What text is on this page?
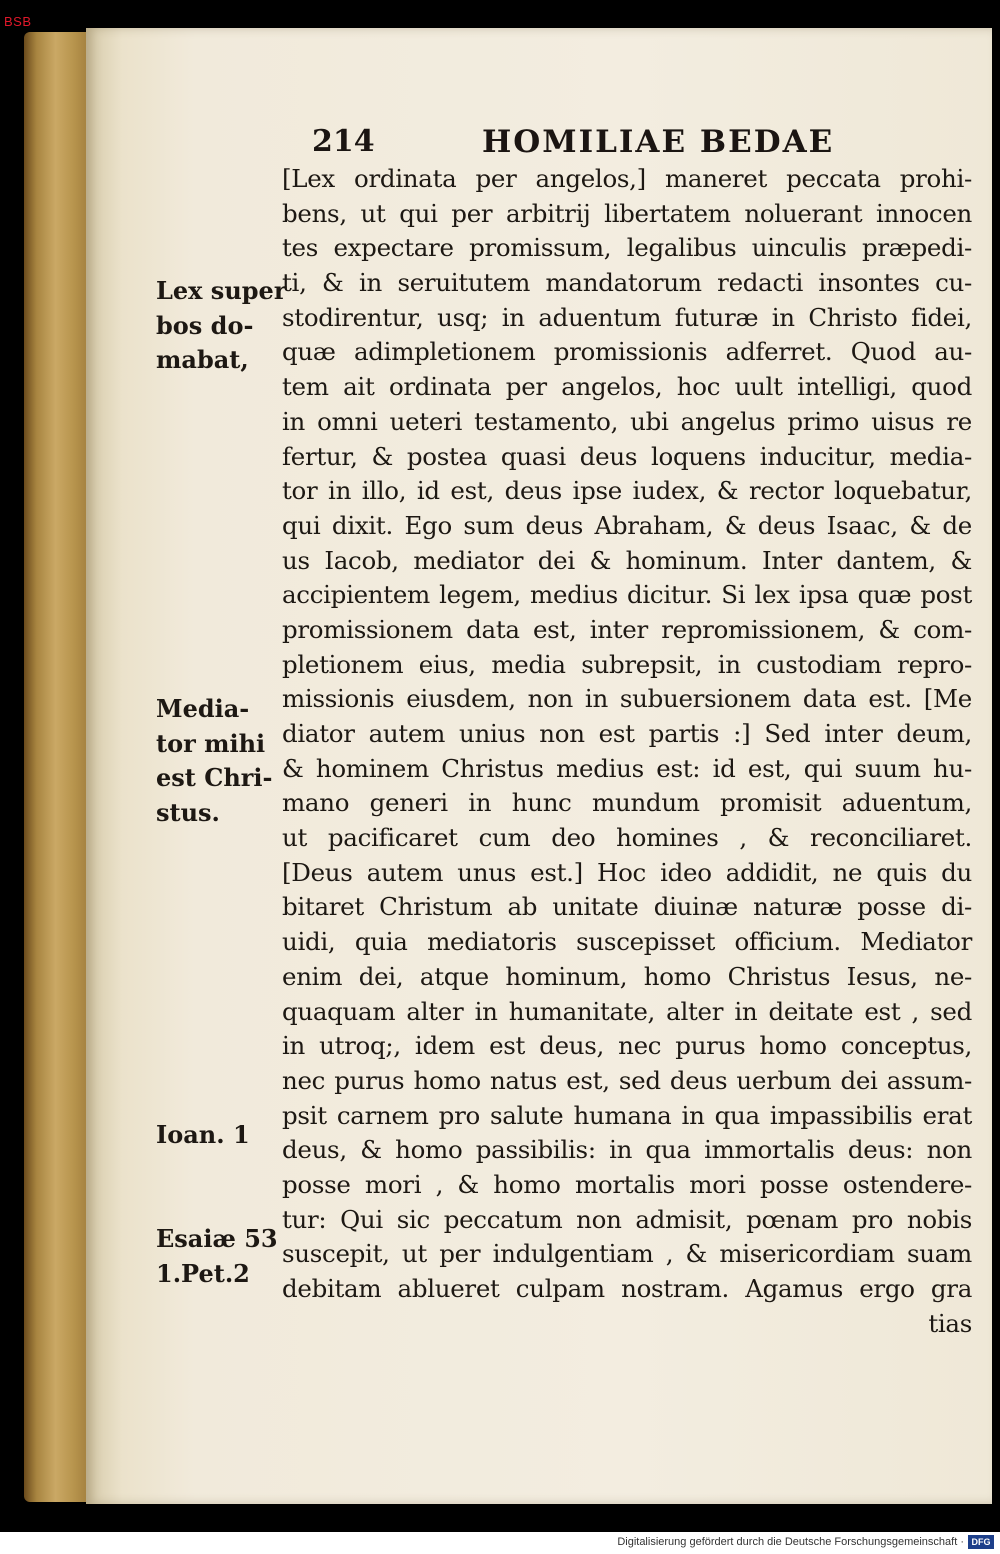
BSB
214	HOMILIAE BEDAE
Lex super
bos do-
mabat,
Media-
tor mihi
est Chri-
stus.
Ioan. 1
Esaiæ 53
1.Pet.2
[Lex ordinata per angelos,] maneret peccata prohi-
bens, ut qui per arbitrij libertatem noluerant innocen
tes expectare promissum, legalibus uinculis præpedi-
ti, & in seruitutem mandatorum redacti insontes cu-
stodirentur, usq; in aduentum futuræ in Christo fidei,
quæ adimpletionem promissionis adferret. Quod au-
tem ait ordinata per angelos, hoc uult intelligi, quod
in omni ueteri testamento, ubi angelus primo uisus re
fertur, & postea quasi deus loquens inducitur, media-
tor in illo, id est, deus ipse iudex, & rector loquebatur,
qui dixit. Ego sum deus Abraham, & deus Isaac, & de
us Iacob, mediator dei & hominum. Inter dantem, &
accipientem legem, medius dicitur. Si lex ipsa quæ post
promissionem data est, inter repromissionem, & com-
pletionem eius, media subrepsit, in custodiam repro-
missionis eiusdem, non in subuersionem data est. [Me
diator autem unius non est partis :] Sed inter deum,
& hominem Christus medius est: id est, qui suum hu-
mano generi in hunc mundum promisit aduentum,
ut pacificaret cum deo homines , & reconciliaret.
[Deus autem unus est.] Hoc ideo addidit, ne quis du
bitaret Christum ab unitate diuinæ naturæ posse di-
uidi, quia mediatoris suscepisset officium. Mediator
enim dei, atque hominum, homo Christus Iesus, ne-
quaquam alter in humanitate, alter in deitate est , sed
in utroq;, idem est deus, nec purus homo conceptus,
nec purus homo natus est, sed deus uerbum dei assum-
psit carnem pro salute humana in qua impassibilis erat
deus, & homo passibilis: in qua immortalis deus: non
posse mori , & homo mortalis mori posse ostendere-
tur: Qui sic peccatum non admisit, pœnam pro nobis
suscepit, ut per indulgentiam , & misericordiam suam
debitam ablueret culpam nostram. Agamus ergo gra
tias
Digitalisierung gefördert durch die Deutsche Forschungsgemeinschaft · DFG
